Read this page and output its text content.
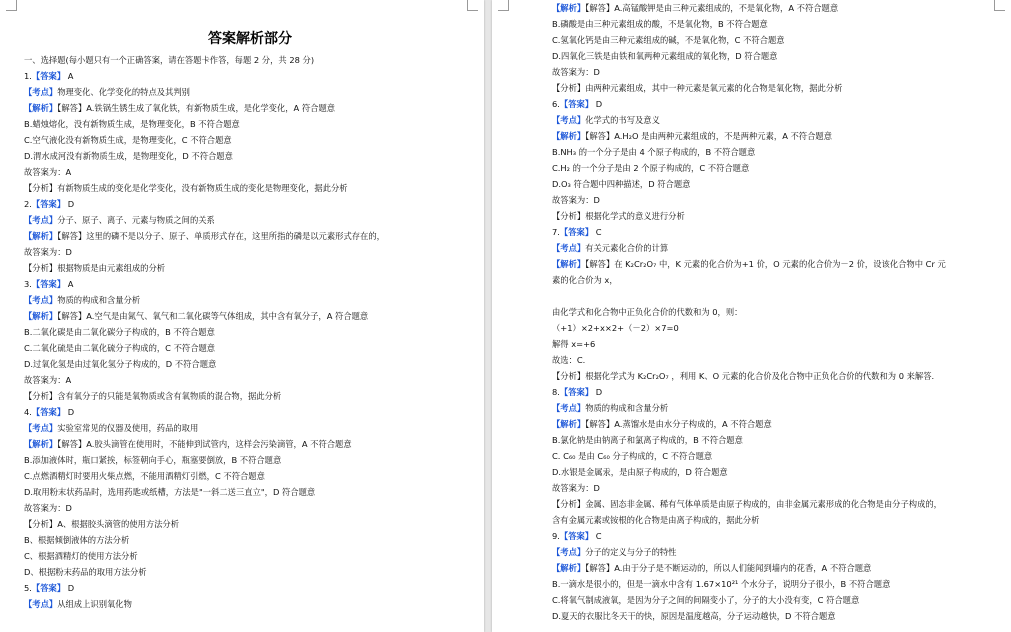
答案解析部分
一、选择题(每小题只有一个正确答案，请在答题卡作答，每题 2 分，共 28 分)
1.【答案】 A
【考点】物理变化、化学变化的特点及其判别
【解析】【解答】A.铁锅生锈生成了氧化铁，有新物质生成，是化学变化，A 符合题意
B.蜡烛熔化，没有新物质生成，是物理变化，B 不符合题意
C.空气液化没有新物质生成，是物理变化，C 不符合题意
D.渭水成河没有新物质生成，是物理变化，D 不符合题意
故答案为：A
【分析】有新物质生成的变化是化学变化，没有新物质生成的变化是物理变化，据此分析
2.【答案】 D
【考点】分子、原子、离子、元素与物质之间的关系
【解析】【解答】这里的磷不是以分子、原子、单质形式存在，这里所指的磷是以元素形式存在的，
故答案为：D
【分析】根据物质是由元素组成的分析
3.【答案】 A
【考点】物质的构成和含量分析
【解析】【解答】A.空气是由氮气、氧气和二氧化碳等气体组成，其中含有氧分子，A 符合题意
B.二氧化碳是由二氧化碳分子构成的，B 不符合题意
C.二氧化硫是由二氧化硫分子构成的，C 不符合题意
D.过氧化氢是由过氧化氢分子构成的，D 不符合题意
故答案为：A
【分析】含有氧分子的只能是氧物质或含有氧物质的混合物，据此分析
4.【答案】 D
【考点】实验室常见的仪器及使用，药品的取用
【解析】【解答】A.胶头滴管在使用时，不能伸到试管内，这样会污染滴管，A 不符合题意
B.添加液体时，瓶口紧挨，标签朝向手心，瓶塞要倒放，B 不符合题意
C.点燃酒精灯时要用火柴点燃，不能用酒精灯引燃，C 不符合题意
D.取用粉末状药品时，选用药匙或纸槽，方法是"一斜二送三直立"，D 符合题意
故答案为：D
【分析】A、根据胶头滴管的使用方法分析
B、根据倾倒液体的方法分析
C、根据酒精灯的使用方法分析
D、根据粉末药品的取用方法分析
5.【答案】 D
【考点】从组成上识别氧化物
【解析】【解答】A.高锰酸钾是由三种元素组成的，不是氧化物，A 不符合题意
B.磷酸是由三种元素组成的酸，不是氧化物，B 不符合题意
C.氢氧化钙是由三种元素组成的碱，不是氧化物，C 不符合题意
D.四氧化三铁是由铁和氧两种元素组成的氧化物，D 符合题意
故答案为：D
【分析】由两种元素组成，其中一种元素是氧元素的化合物是氧化物，据此分析
6.【答案】 D
【考点】化学式的书写及意义
【解析】【解答】A.H₂O 是由两种元素组成的，不是两种元素，A 不符合题意
B.NH₃ 的一个分子是由 4 个原子构成的，B 不符合题意
C.H₂ 的一个分子是由 2 个原子构成的，C 不符合题意
D.O₃ 符合题中四种描述，D 符合题意
故答案为：D
【分析】根据化学式的意义进行分析
7.【答案】 C
【考点】有关元素化合价的计算
【解析】【解答】在 K₂Cr₂O₇ 中，K 元素的化合价为+1 价，O 元素的化合价为－2 价，设该化合物中 Cr 元
素的化合价为 x，
由化学式和化合物中正负化合价的代数和为 0，则：
（+1）×2+x×2+（－2）×7=0
解得 x=+6
故选：C.
【分析】根据化学式为 K₂Cr₂O₇ ，利用 K、O 元素的化合价及化合物中正负化合价的代数和为 0 来解答.
8.【答案】 D
【考点】物质的构成和含量分析
【解析】【解答】A.蒸馏水是由水分子构成的，A 不符合题意
B.氯化钠是由钠离子和氯离子构成的，B 不符合题意
C. C₆₀ 是由 C₆₀ 分子构成的，C 不符合题意
D.水银是金属汞，是由原子构成的，D 符合题意
故答案为：D
【分析】金属、固态非金属、稀有气体单质是由原子构成的，由非金属元素形成的化合物是由分子构成的，
含有金属元素或铵根的化合物是由离子构成的，据此分析
9.【答案】 C
【考点】分子的定义与分子的特性
【解析】【解答】A.由于分子是不断运动的，所以人们能闻到墙内的花香，A 不符合题意
B.一滴水是很小的，但是一滴水中含有 1.67×10²¹ 个水分子，说明分子很小，B 不符合题意
C.将氧气制成液氧，是因为分子之间的间隔变小了，分子的大小没有变，C 符合题意
D.夏天的衣服比冬天干的快，原因是温度越高，分子运动越快，D 不符合题意
